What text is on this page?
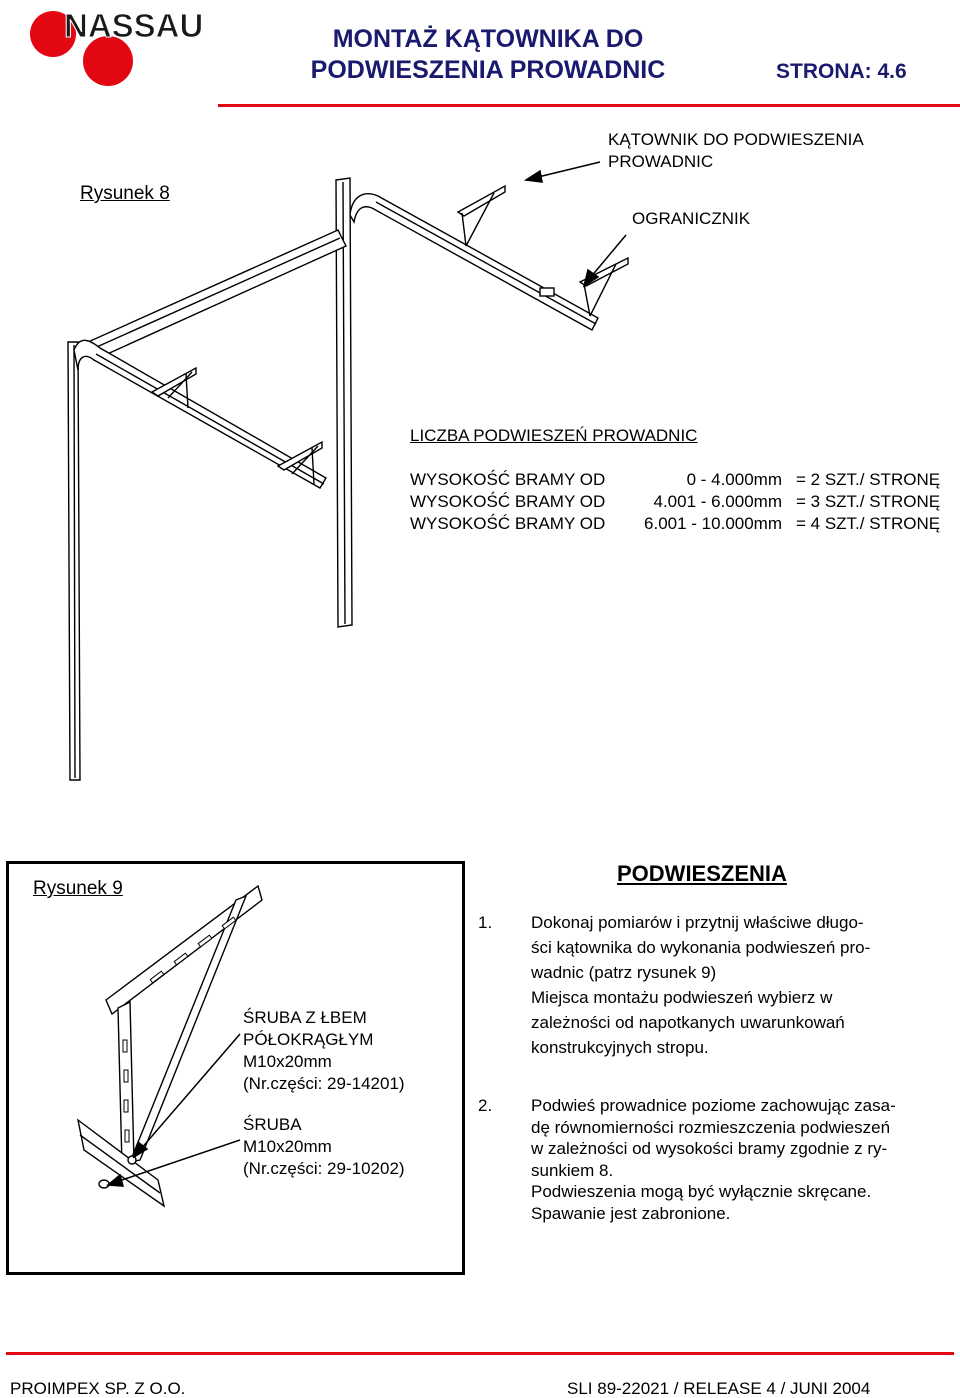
NASSAU	MONTAŻ KĄTOWNIKA DO PODWIESZENIA PROWADNIC	STRONA: 4.6
Rysunek 8
KĄTOWNIK DO PODWIESZENIA
PROWADNIC
OGRANICZNIK
LICZBA PODWIESZEŃ PROWADNIC
WYSOKOŚĆ BRAMY OD	0 - 4.000mm = 2 SZT./ STRONĘ
WYSOKOŚĆ BRAMY OD	4.001 - 6.000mm = 3 SZT./ STRONĘ
WYSOKOŚĆ BRAMY OD 6.001 - 10.000mm = 4 SZT./ STRONĘ
Rysunek 9
ŚRUBA Z ŁBEM
PÓŁOKRĄGŁYM
M10x20mm
(Nr.części: 29-14201)
ŚRUBA
M10x20mm
(Nr.części: 29-10202)
PODWIESZENIA
1. Dokonaj pomiarów i przytnij właściwe długo-
ści kątownika do wykonania podwieszeń pro-
wadnic (patrz rysunek 9)
Miejsca montażu podwieszeń wybierz w
zależności od napotkanych uwarunkowań
konstrukcyjnych stropu.

2. Podwieś prowadnice poziome zachowując zasa-
dę równomierności rozmieszczenia podwieszeń
w zależności od wysokości bramy zgodnie z ry-
sunkiem 8.
Podwieszenia mogą być wyłącznie skręcane.
Spawanie jest zabronione.

PROIMPEX SP. Z O.O.	SLI 89-22021 / RELEASE 4 / JUNI 2004
